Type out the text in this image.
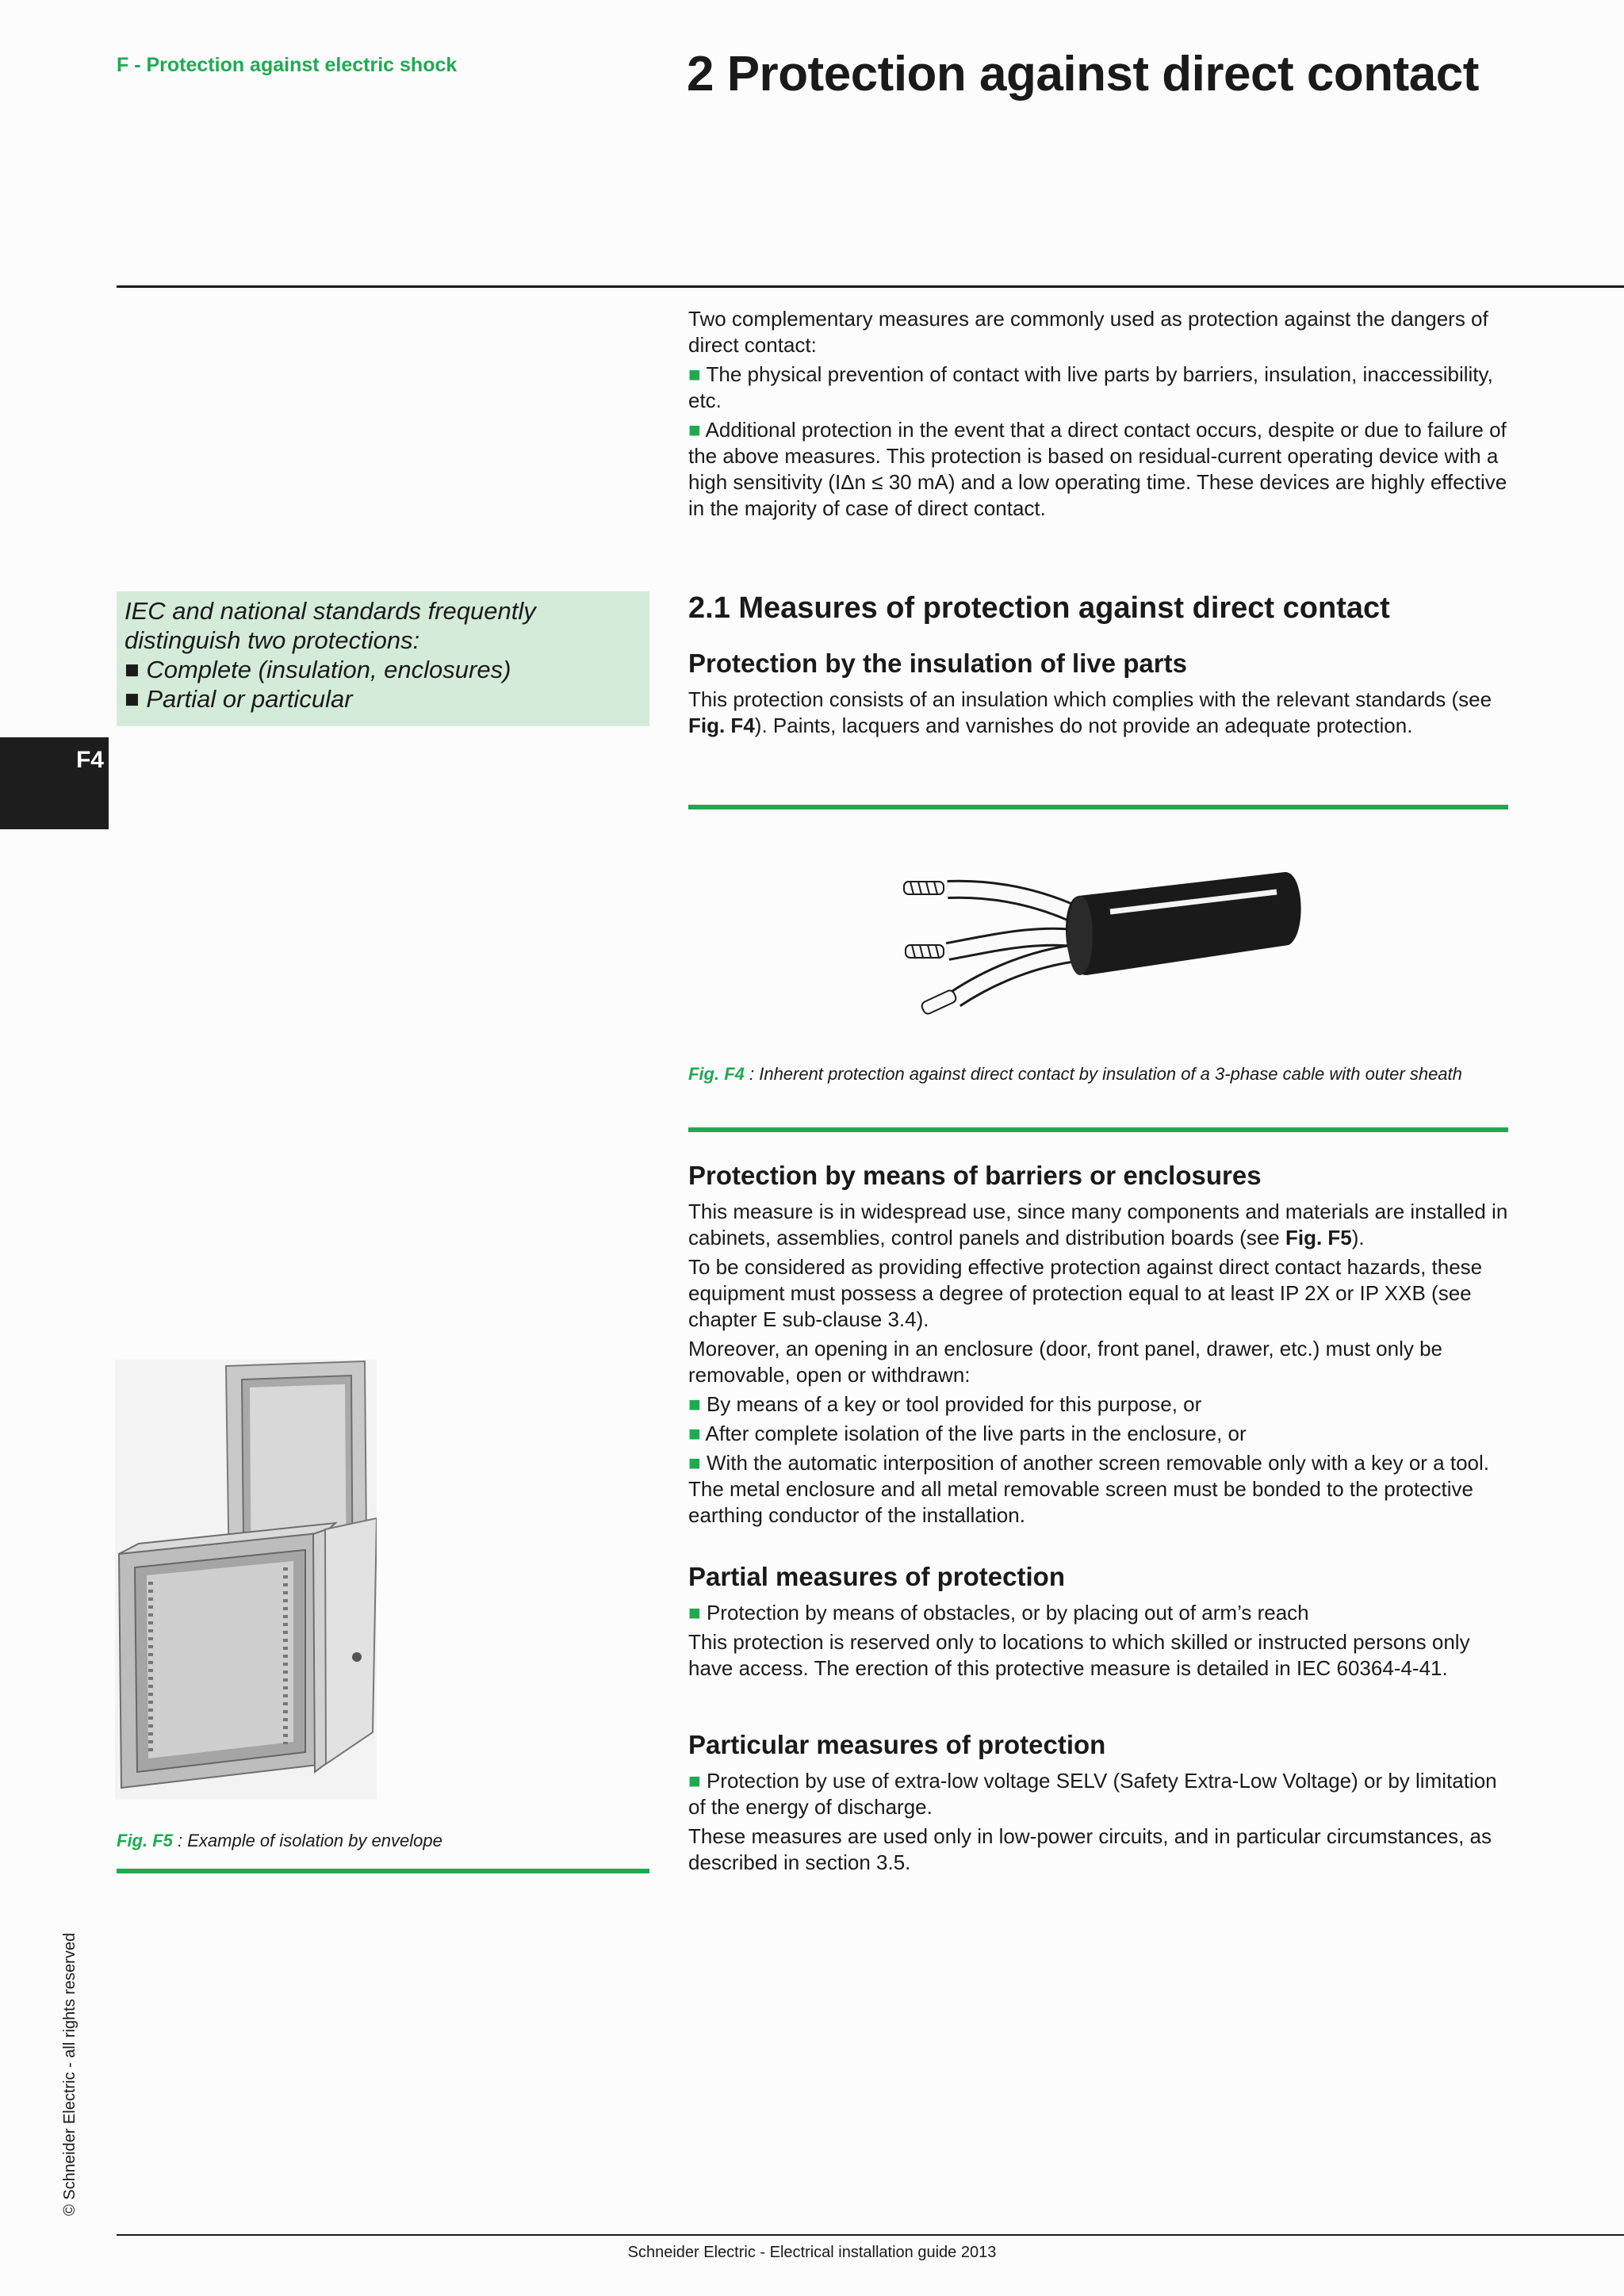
F - Protection against electric shock	2 Protection against direct contact

Two complementary measures are commonly used as protection against the dangers of direct contact:

■ The physical prevention of contact with live parts by barriers, insulation, inaccessibility, etc.

■ Additional protection in the event that a direct contact occurs, despite or due to failure of the above measures. This protection is based on residual-current operating device with a high sensitivity (IΔn ≤ 30 mA) and a low operating time. These devices are highly effective in the majority of case of direct contact.

IEC and national standards frequently
distinguish two protections:
■ Complete (insulation, enclosures)
■ Partial or particular
F4
2.1 Measures of protection against direct contact
Protection by the insulation of live parts

This protection consists of an insulation which complies with the relevant standards (see Fig. F4). Paints, lacquers and varnishes do not provide an adequate protection.

Fig. F4 : Inherent protection against direct contact by insulation of a 3-phase cable with outer sheath
Protection by means of barriers or enclosures

This measure is in widespread use, since many components and materials are installed in cabinets, assemblies, control panels and distribution boards (see Fig. F5).

To be considered as providing effective protection against direct contact hazards, these equipment must possess a degree of protection equal to at least IP 2X or IP XXB (see chapter E sub-clause 3.4).

Moreover, an opening in an enclosure (door, front panel, drawer, etc.) must only be removable, open or withdrawn:

■ By means of a key or tool provided for this purpose, or

■ After complete isolation of the live parts in the enclosure, or

■ With the automatic interposition of another screen removable only with a key or a tool. The metal enclosure and all metal removable screen must be bonded to the protective earthing conductor of the installation.

Partial measures of protection

■ Protection by means of obstacles, or by placing out of arm’s reach

This protection is reserved only to locations to which skilled or instructed persons only have access. The erection of this protective measure is detailed in IEC 60364-4-41.

Particular measures of protection

■ Protection by use of extra-low voltage SELV (Safety Extra-Low Voltage) or by limitation of the energy of discharge.

These measures are used only in low-power circuits, and in particular circumstances, as described in section 3.5.

Fig. F5 : Example of isolation by envelope
© Schneider Electric - all rights reserved
Schneider Electric - Electrical installation guide 2013
